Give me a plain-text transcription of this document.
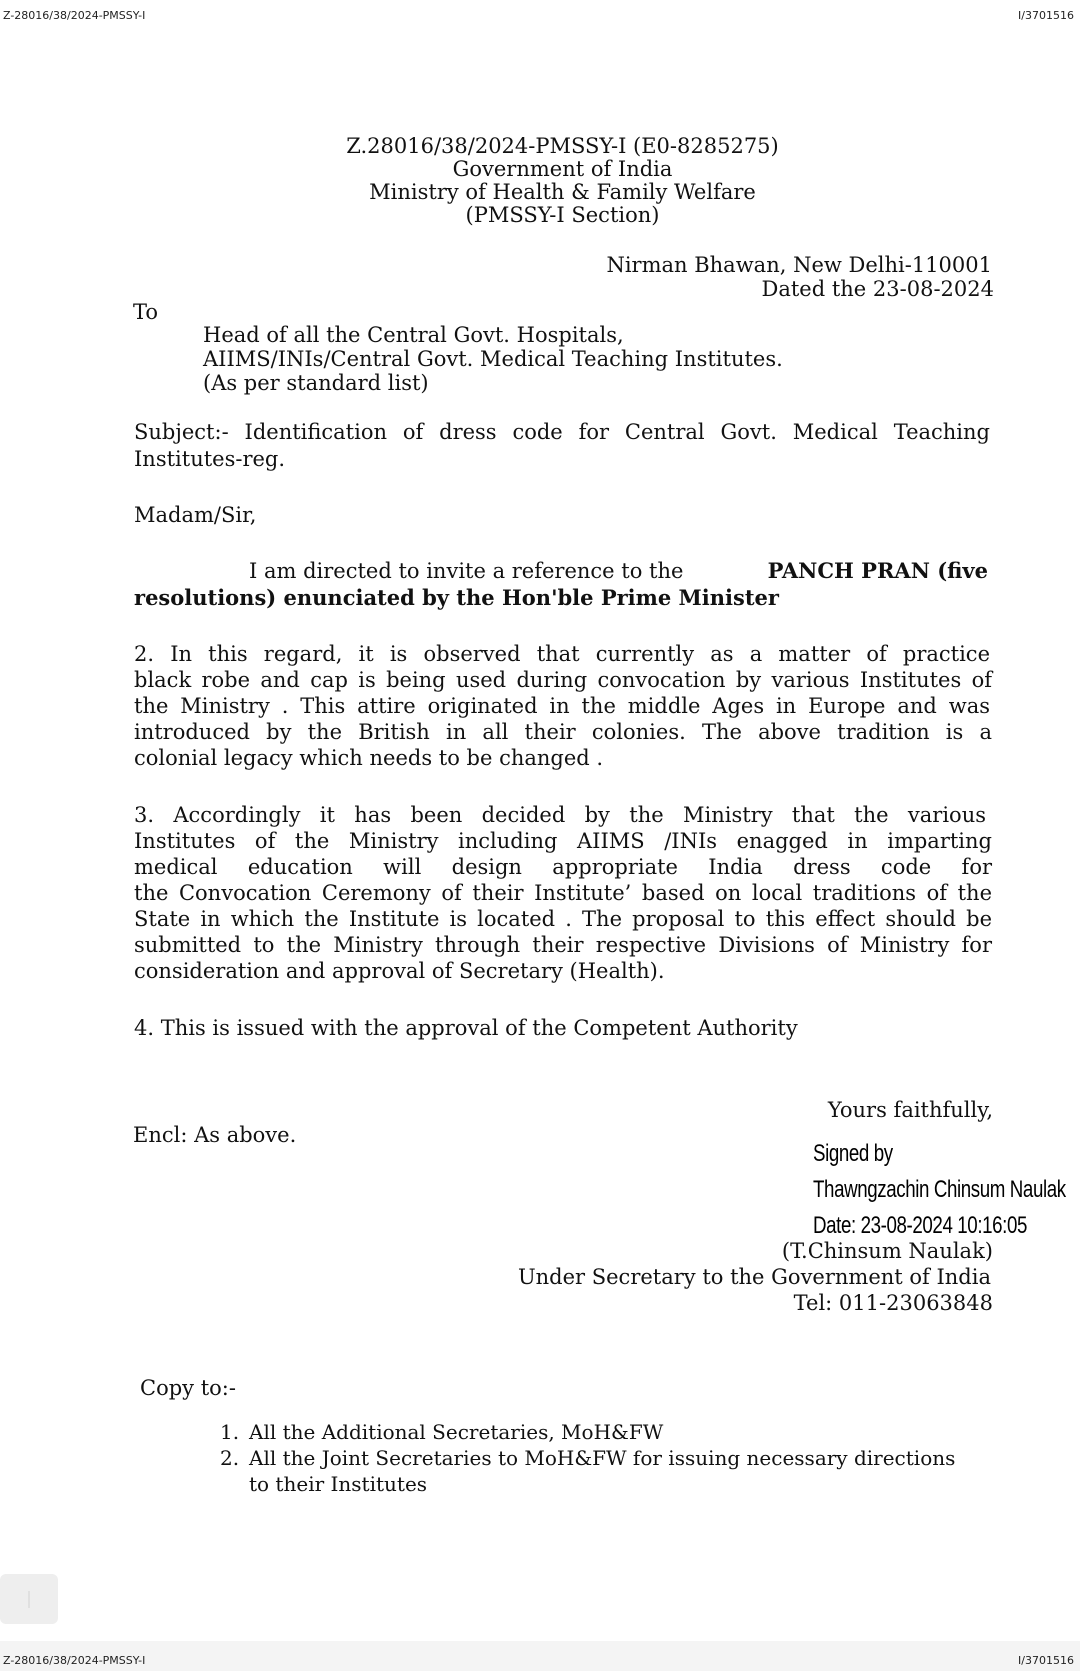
Z-28016/38/2024-PMSSY-I	I/3701516
Z.28016/38/2024-PMSSY-I (E0-8285275)
Government of India
Ministry of Health & Family Welfare
(PMSSY-I Section)
Nirman Bhawan, New Delhi-110001
Dated the 23-08-2024
To
Head of all the Central Govt. Hospitals,
AIIMS/INIs/Central Govt. Medical Teaching Institutes.
(As per standard list)
Subject:- Identification of dress code for Central Govt. Medical Teaching
Institutes-reg.
Madam/Sir,
I am directed to invite a reference to the	PANCH PRAN (five
resolutions) enunciated by the Hon'ble Prime Minister
2. In this regard, it is observed that currently as a matter of practice
black robe and cap is being used during convocation by various Institutes of
the Ministry . This attire originated in the middle Ages in Europe and was
introduced by the British in all their colonies. The above tradition is a
colonial legacy which needs to be changed .
3. Accordingly it has been decided by the Ministry that the various
Institutes of the Ministry including AIIMS /INIs enagged in imparting
medical education will design appropriate India dress code for
the Convocation Ceremony of their Institute’ based on local traditions of the
State in which the Institute is located . The proposal to this effect should be
submitted to the Ministry through their respective Divisions of Ministry for
consideration and approval of Secretary (Health).
4. This is issued with the approval of the Competent Authority
Yours faithfully,
Encl: As above.
Signed by
Thawngzachin Chinsum Naulak
Date: 23-08-2024 10:16:05
(T.Chinsum Naulak)
Under Secretary to the Government of India
Tel: 011-23063848
Copy to:-
1. All the Additional Secretaries, MoH&FW
2. All the Joint Secretaries to MoH&FW for issuing necessary directions
to their Institutes
Z-28016/38/2024-PMSSY-I	I/3701516
